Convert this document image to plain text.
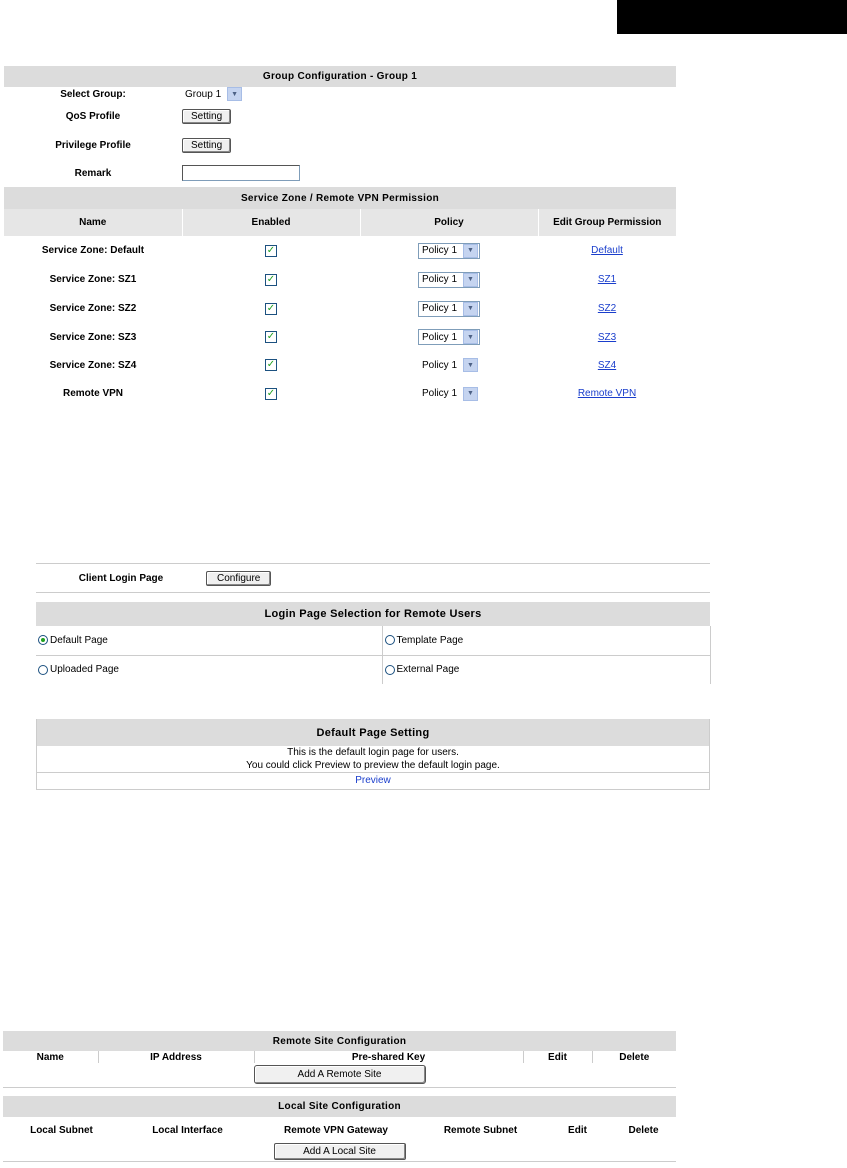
Group Configuration - Group 1			
Select Group:	Group 1 ▼		

QoS Profile	Setting		
Privilege Profile	Setting		
Remark			
Service Zone / Remote VPN Permission			
Name	Enabled	Policy	Edit Group Permission
Service Zone: Default	✓	Policy 1 ▼	Default
Service Zone: SZ1	✓	Policy 1 ▼	SZ1
Service Zone: SZ2	✓	Policy 1 ▼	SZ2
Service Zone: SZ3	✓	Policy 1 ▼	SZ3
Service Zone: SZ4	✓	Policy 1 ▼	SZ4
Remote VPN	✓	Policy 1 ▼	Remote VPN
Client Login Page	Configure
Login Page Selection for Remote Users	

Default Page	Template Page

Uploaded Page	External Page
Default Page Setting
This is the default login page for users.
You could click Preview to preview the default login page.
Preview
Remote Site Configuration
Name	IP Address	Pre-shared Key	Edit	Delete
Add A Remote Site
Local Site Configuration
Local Subnet	Local Interface	Remote VPN Gateway	Remote Subnet	Edit	Delete
Add A Local Site
